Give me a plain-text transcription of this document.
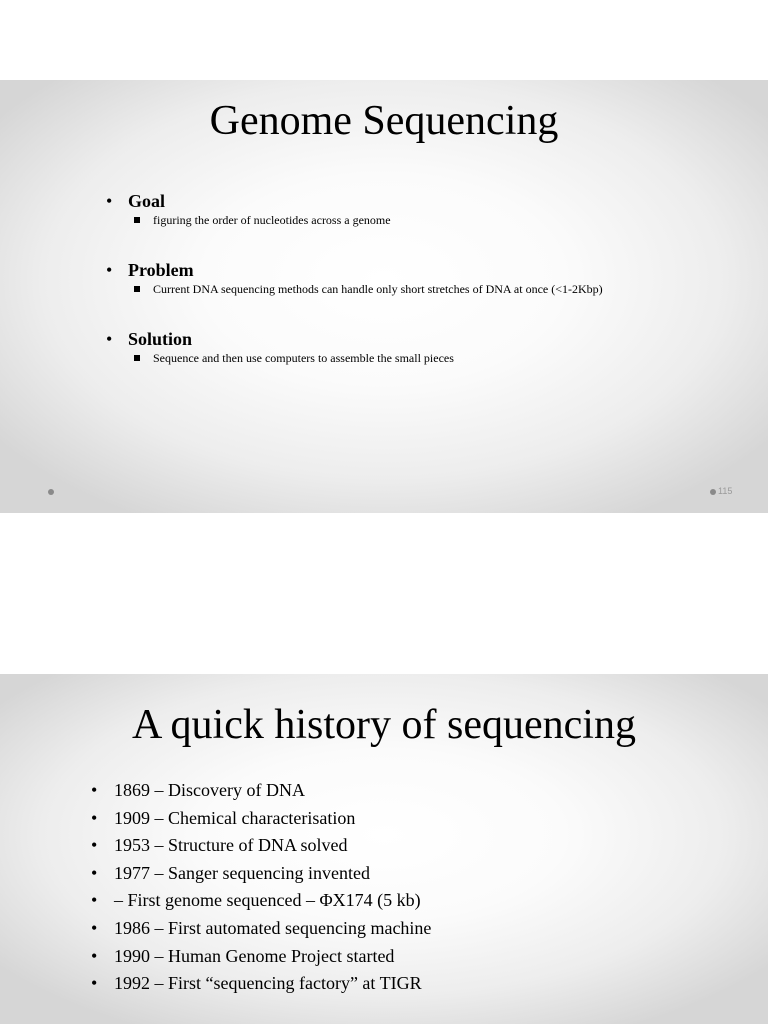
Genome Sequencing
• Goal
figuring the order of nucleotides across a genome
• Problem
Current DNA sequencing methods can handle only short stretches of DNA at once (<1-2Kbp)
• Solution
Sequence and then use computers to assemble the small pieces
115
A quick history of sequencing
• 1869 – Discovery of DNA
• 1909 – Chemical characterisation
• 1953 – Structure of DNA solved
• 1977 – Sanger sequencing invented
• – First genome sequenced – ΦX174 (5 kb)
• 1986 – First automated sequencing machine
• 1990 – Human Genome Project started
• 1992 – First “sequencing factory” at TIGR
